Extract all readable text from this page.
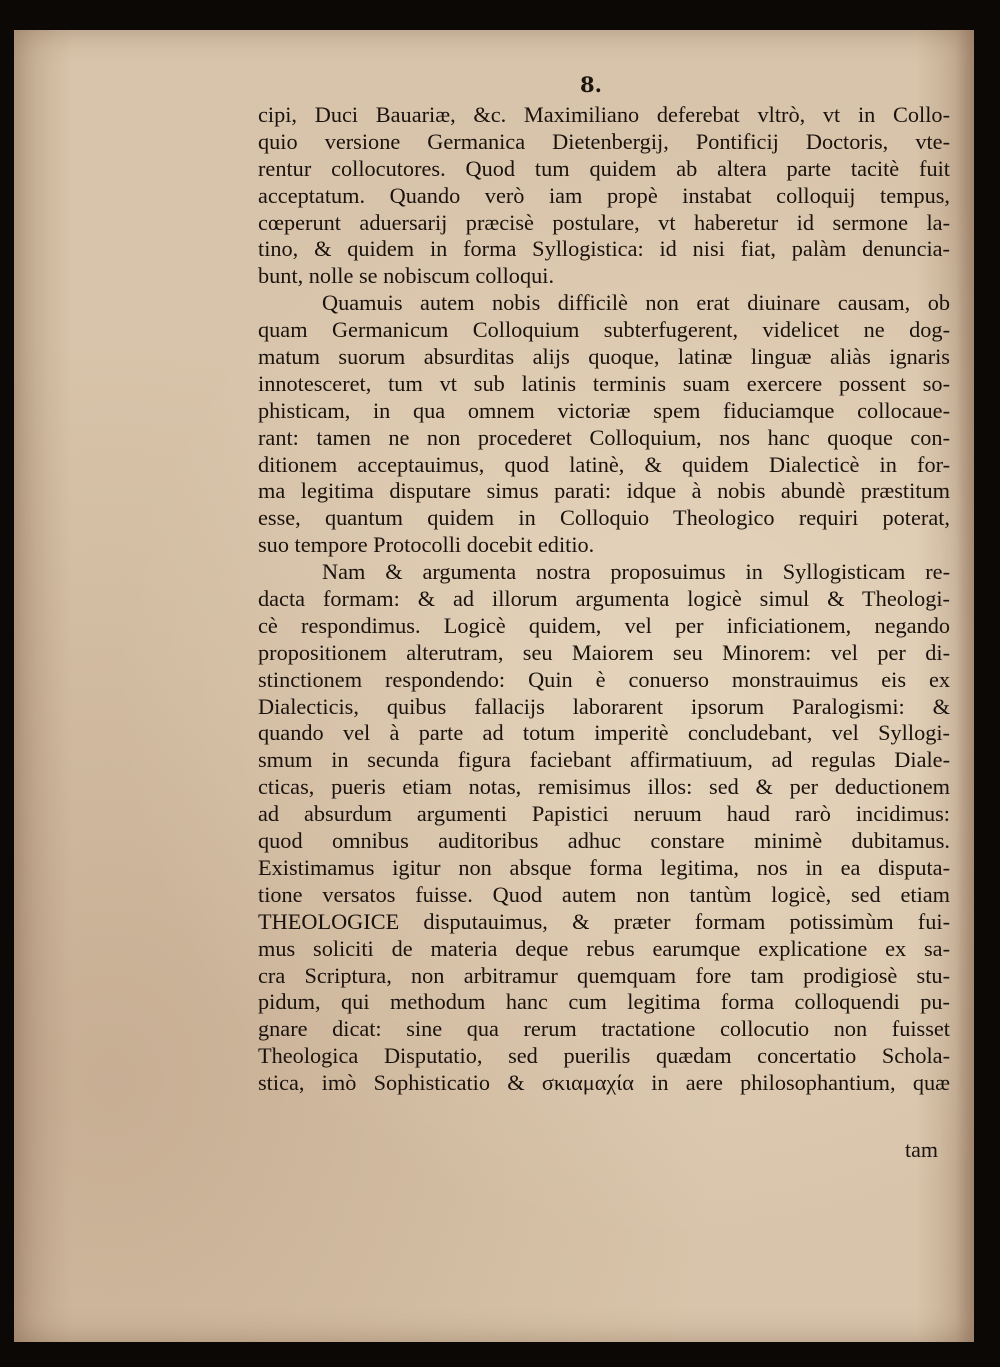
8.
cipi, Duci Bauariæ, &c. Maximiliano deferebat vltrò, vt in Collo-
quio versione Germanica Dietenbergij, Pontificij Doctoris, vte-
rentur collocutores. Quod tum quidem ab altera parte tacitè fuit
acceptatum. Quando verò iam propè instabat colloquij tempus,
cœperunt aduersarij præcisè postulare, vt haberetur id sermone la-
tino, & quidem in forma Syllogistica: id nisi fiat, palàm denuncia-
bunt, nolle se nobiscum colloqui.
Quamuis autem nobis difficilè non erat diuinare causam, ob
quam Germanicum Colloquium subterfugerent, videlicet ne dog-
matum suorum absurditas alijs quoque, latinæ linguæ aliàs ignaris
innotesceret, tum vt sub latinis terminis suam exercere possent so-
phisticam, in qua omnem victoriæ spem fiduciamque collocaue-
rant: tamen ne non procederet Colloquium, nos hanc quoque con-
ditionem acceptauimus, quod latinè, & quidem Dialecticè in for-
ma legitima disputare simus parati: idque à nobis abundè præstitum
esse, quantum quidem in Colloquio Theologico requiri poterat,
suo tempore Protocolli docebit editio.
Nam & argumenta nostra proposuimus in Syllogisticam re-
dacta formam: & ad illorum argumenta logicè simul & Theologi-
cè respondimus. Logicè quidem, vel per inficiationem, negando
propositionem alterutram, seu Maiorem seu Minorem: vel per di-
stinctionem respondendo: Quin è conuerso monstrauimus eis ex
Dialecticis, quibus fallacijs laborarent ipsorum Paralogismi: &
quando vel à parte ad totum imperitè concludebant, vel Syllogi-
smum in secunda figura faciebant affirmatiuum, ad regulas Diale-
cticas, pueris etiam notas, remisimus illos: sed & per deductionem
ad absurdum argumenti Papistici neruum haud rarò incidimus:
quod omnibus auditoribus adhuc constare minimè dubitamus.
Existimamus igitur non absque forma legitima, nos in ea disputa-
tione versatos fuisse. Quod autem non tantùm logicè, sed etiam
THEOLOGICE disputauimus, & præter formam potissimùm fui-
mus soliciti de materia deque rebus earumque explicatione ex sa-
cra Scriptura, non arbitramur quemquam fore tam prodigiosè stu-
pidum, qui methodum hanc cum legitima forma colloquendi pu-
gnare dicat: sine qua rerum tractatione collocutio non fuisset
Theologica Disputatio, sed puerilis quædam concertatio Schola-
stica, imò Sophisticatio & σκιαμαχία in aere philosophantium, quæ
tam
